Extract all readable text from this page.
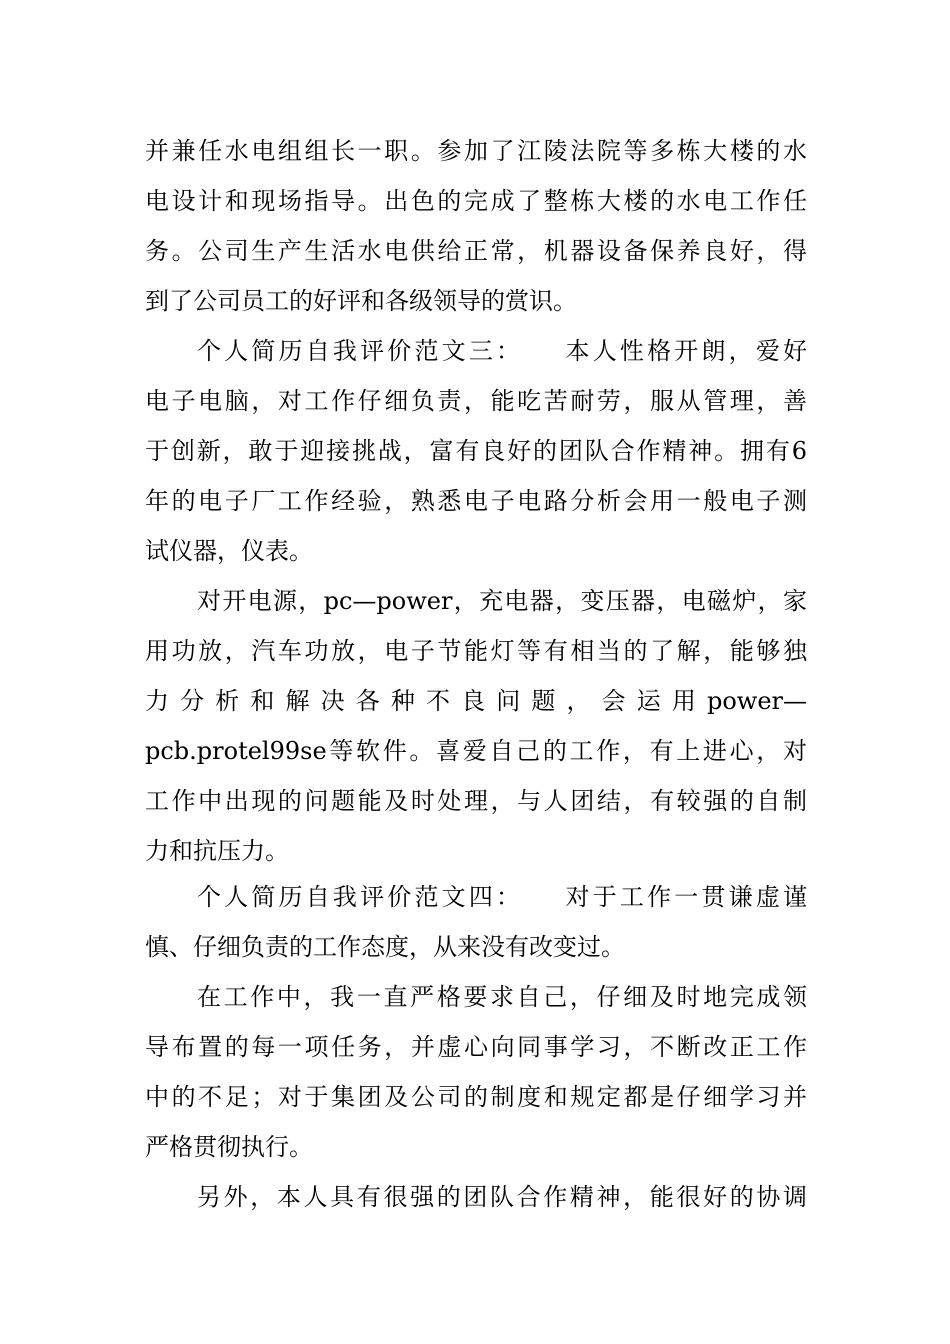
并兼任水电组组长一职。参加了江陵法院等多栋大楼的水
电设计和现场指导。出色的完成了整栋大楼的水电工作任
务。公司生产生活水电供给正常，机器设备保养良好，得
到了公司员工的好评和各级领导的赏识。
个人简历自我评价范文三：　　本人性格开朗，爱好
电子电脑，对工作仔细负责，能吃苦耐劳，服从管理，善
于创新，敢于迎接挑战，富有良好的团队合作精神。拥有6
年的电子厂工作经验，熟悉电子电路分析会用一般电子测
试仪器，仪表。
对开电源，pc—power，充电器，变压器，电磁炉，家
用功放，汽车功放，电子节能灯等有相当的了解，能够独
力分析和解决各种不良问题，会运用power—
pcb.protel99se等软件。喜爱自己的工作，有上进心，对
工作中出现的问题能及时处理，与人团结，有较强的自制
力和抗压力。
个人简历自我评价范文四：　　对于工作一贯谦虚谨
慎、仔细负责的工作态度，从来没有改变过。
在工作中，我一直严格要求自己，仔细及时地完成领
导布置的每一项任务，并虚心向同事学习，不断改正工作
中的不足；对于集团及公司的制度和规定都是仔细学习并
严格贯彻执行。
另外，本人具有很强的团队合作精神，能很好的协调
